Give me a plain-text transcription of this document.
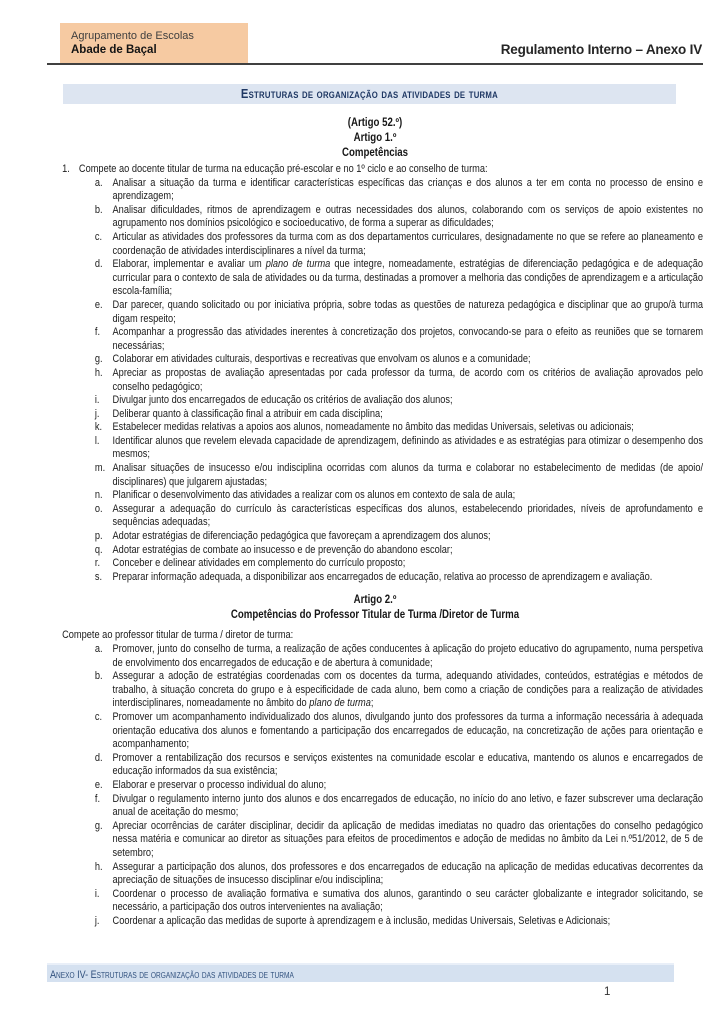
Agrupamento de Escolas
Abade de Baçal	Regulamento Interno – Anexo IV
Estruturas de organização das atividades de turma
(Artigo 52.º)
Artigo 1.º
Competências
1. Compete ao docente titular de turma na educação pré-escolar e no 1º ciclo e ao conselho de turma:
a. Analisar a situação da turma e identificar características específicas das crianças e dos alunos a ter em conta no processo de ensino e aprendizagem;
b. Analisar dificuldades, ritmos de aprendizagem e outras necessidades dos alunos, colaborando com os serviços de apoio existentes no agrupamento nos domínios psicológico e socioeducativo, de forma a superar as dificuldades;
c. Articular as atividades dos professores da turma com as dos departamentos curriculares, designadamente no que se refere ao planeamento e coordenação de atividades interdisciplinares a nível da turma;
d. Elaborar, implementar e avaliar um plano de turma que integre, nomeadamente, estratégias de diferenciação pedagógica e de adequação curricular para o contexto de sala de atividades ou da turma, destinadas a promover a melhoria das condições de aprendizagem e a articulação escola-família;
e. Dar parecer, quando solicitado ou por iniciativa própria, sobre todas as questões de natureza pedagógica e disciplinar que ao grupo/à turma digam respeito;
f.	Acompanhar a progressão das atividades inerentes à concretização dos projetos, convocando-se para o efeito as reuniões que se tornarem necessárias;
g. Colaborar em atividades culturais, desportivas e recreativas que envolvam os alunos e a comunidade;
h. Apreciar as propostas de avaliação apresentadas por cada professor da turma, de acordo com os critérios de avaliação aprovados pelo conselho pedagógico;
i.	Divulgar junto dos encarregados de educação os critérios de avaliação dos alunos;
j.	Deliberar quanto à classificação final a atribuir em cada disciplina;
k. Estabelecer medidas relativas a apoios aos alunos, nomeadamente no âmbito das medidas Universais, seletivas ou adicionais;
l.	Identificar alunos que revelem elevada capacidade de aprendizagem, definindo as atividades e as estratégias para otimizar o desempenho dos mesmos;
m. Analisar situações de insucesso e/ou indisciplina ocorridas com alunos da turma e colaborar no estabelecimento de medidas (de apoio/ disciplinares) que julgarem ajustadas;
n. Planificar o desenvolvimento das atividades a realizar com os alunos em contexto de sala de aula;
o. Assegurar a adequação do currículo às características específicas dos alunos, estabelecendo prioridades, níveis de aprofundamento e sequências adequadas;
p. Adotar estratégias de diferenciação pedagógica que favoreçam a aprendizagem dos alunos;
q. Adotar estratégias de combate ao insucesso e de prevenção do abandono escolar;
r.	Conceber e delinear atividades em complemento do currículo proposto;
s. Preparar informação adequada, a disponibilizar aos encarregados de educação, relativa ao processo de aprendizagem e avaliação.
Artigo 2.º
Competências do Professor Titular de Turma /Diretor de Turma
Compete ao professor titular de turma / diretor de turma:
a. Promover, junto do conselho de turma, a realização de ações conducentes à aplicação do projeto educativo do agrupamento, numa perspetiva de envolvimento dos encarregados de educação e de abertura à comunidade;
b. Assegurar a adoção de estratégias coordenadas com os docentes da turma, adequando atividades, conteúdos, estratégias e métodos de trabalho, à situação concreta do grupo e à especificidade de cada aluno, bem como a criação de condições para a realização de atividades interdisciplinares, nomeadamente no âmbito do plano de turma;
c. Promover um acompanhamento individualizado dos alunos, divulgando junto dos professores da turma a informação necessária à adequada orientação educativa dos alunos e fomentando a participação dos encarregados de educação, na concretização de ações para orientação e acompanhamento;
d. Promover a rentabilização dos recursos e serviços existentes na comunidade escolar e educativa, mantendo os alunos e encarregados de educação informados da sua existência;
e. Elaborar e preservar o processo individual do aluno;
f.	Divulgar o regulamento interno junto dos alunos e dos encarregados de educação, no início do ano letivo, e fazer subscrever uma declaração anual de aceitação do mesmo;
g. Apreciar ocorrências de caráter disciplinar, decidir da aplicação de medidas imediatas no quadro das orientações do conselho pedagógico nessa matéria e comunicar ao diretor as situações para efeitos de procedimentos e adoção de medidas no âmbito da Lei n.º51/2012, de 5 de setembro;
h. Assegurar a participação dos alunos, dos professores e dos encarregados de educação na aplicação de medidas educativas decorrentes da apreciação de situações de insucesso disciplinar e/ou indisciplina;
i.	Coordenar o processo de avaliação formativa e sumativa dos alunos, garantindo o seu carácter globalizante e integrador solicitando, se necessário, a participação dos outros intervenientes na avaliação;
j.	Coordenar a aplicação das medidas de suporte à aprendizagem e à inclusão, medidas Universais, Seletivas e Adicionais;
Anexo IV- Estruturas de organização das atividades de turma
1
